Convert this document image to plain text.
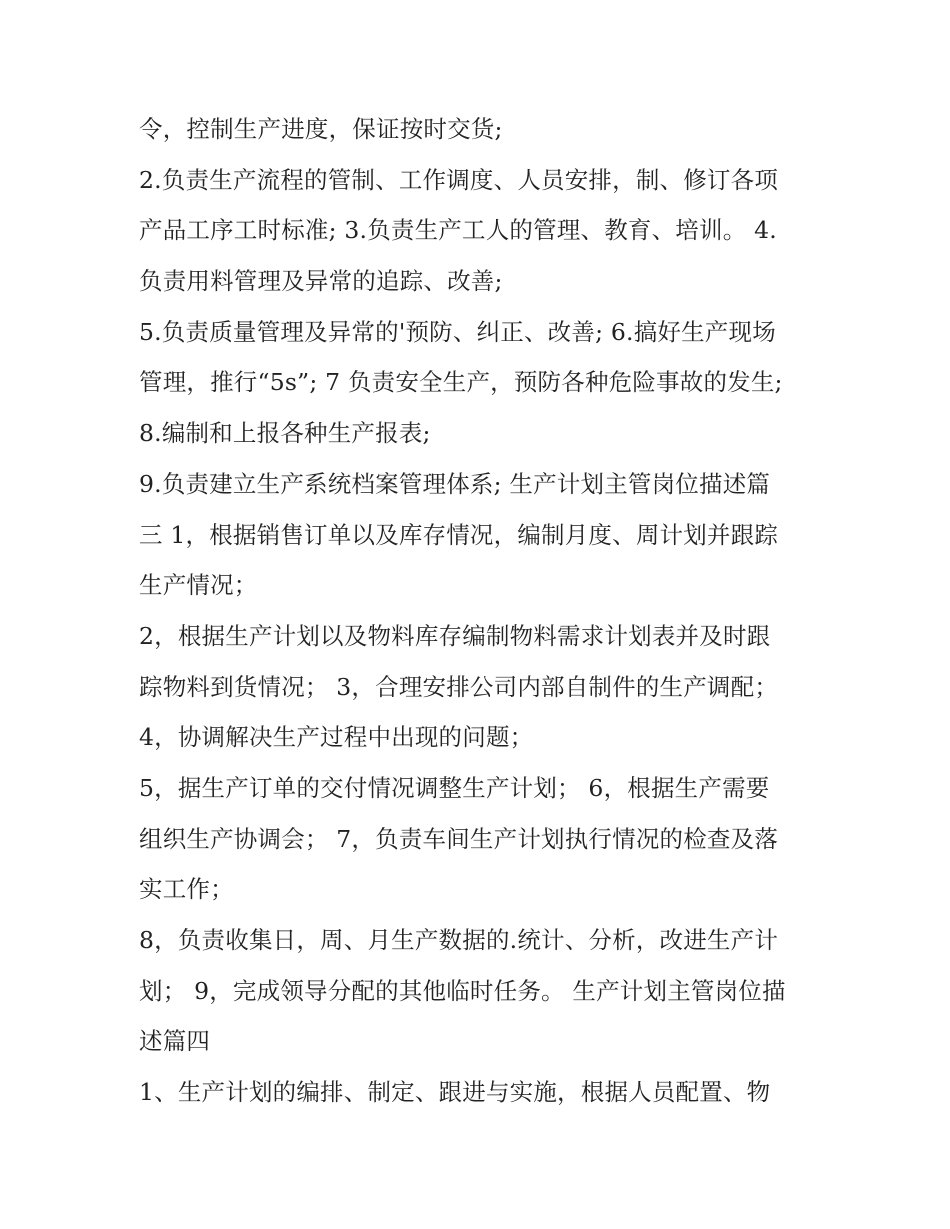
令，控制生产进度，保证按时交货;
2.负责生产流程的管制、工作调度、人员安排，制、修订各项
产品工序工时标准; 3.负责生产工人的管理、教育、培训。 4.
负责用料管理及异常的追踪、改善;
5.负责质量管理及异常的'预防、纠正、改善; 6.搞好生产现场
管理，推行“5s”; 7 负责安全生产，预防各种危险事故的发生;
8.编制和上报各种生产报表;
9.负责建立生产系统档案管理体系; 生产计划主管岗位描述篇
三 1，根据销售订单以及库存情况，编制月度、周计划并跟踪
生产情况；
2，根据生产计划以及物料库存编制物料需求计划表并及时跟
踪物料到货情况； 3，合理安排公司内部自制件的生产调配；
4，协调解决生产过程中出现的问题；
5，据生产订单的交付情况调整生产计划； 6，根据生产需要
组织生产协调会； 7，负责车间生产计划执行情况的检查及落
实工作；
8，负责收集日，周、月生产数据的.统计、分析，改进生产计
划； 9，完成领导分配的其他临时任务。 生产计划主管岗位描
述篇四
1、生产计划的编排、制定、跟进与实施，根据人员配置、物
